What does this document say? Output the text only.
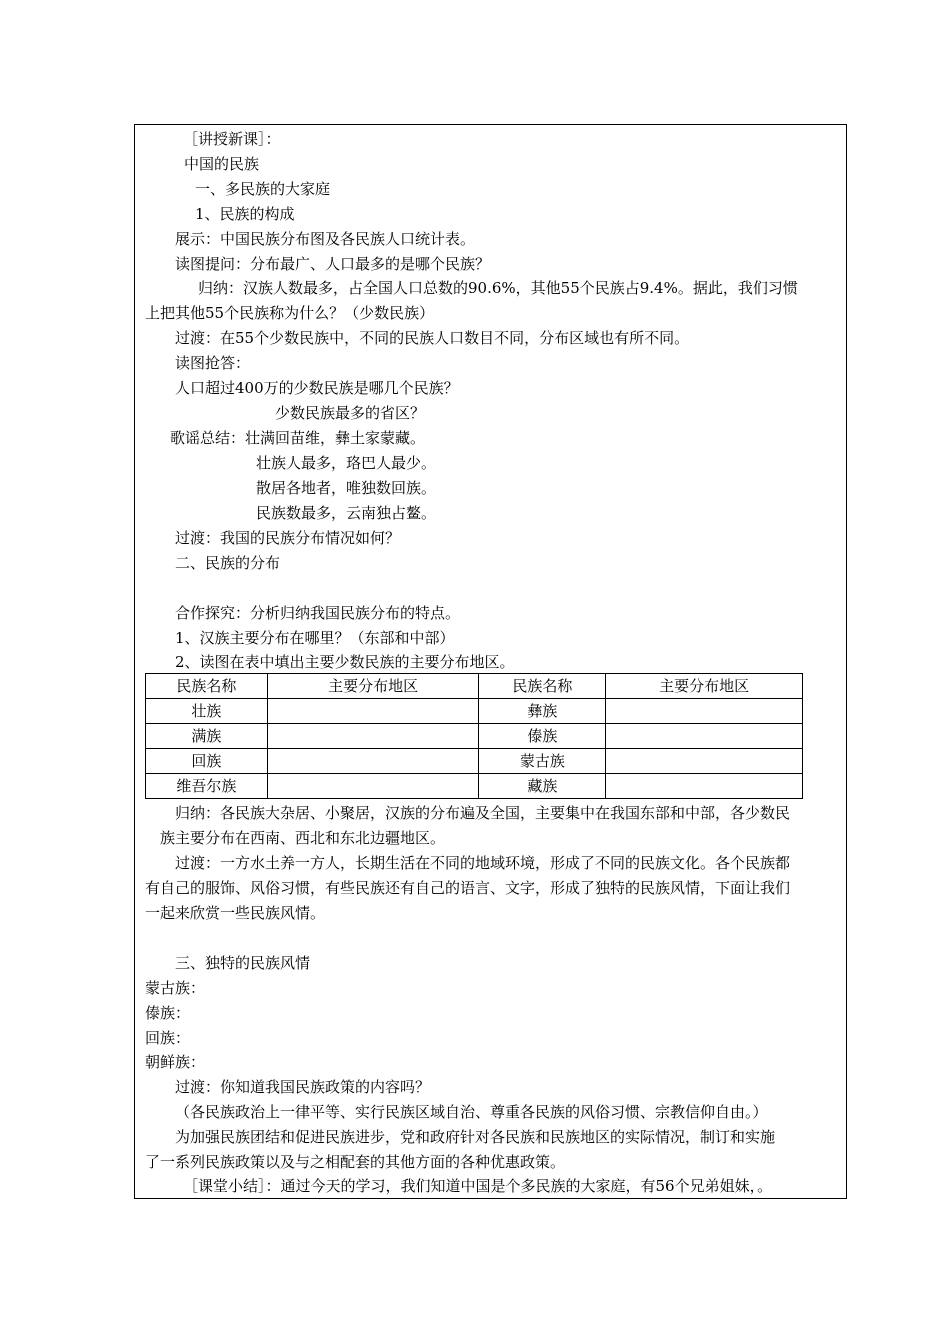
［讲授新课］：
中国的民族
一、多民族的大家庭
1、民族的构成
展示：中国民族分布图及各民族人口统计表。
读图提问：分布最广、人口最多的是哪个民族？
归纳：汉族人数最多，占全国人口总数的90.6%，其他55个民族占9.4%。据此，我们习惯
上把其他55个民族称为什么？（少数民族）
过渡：在55个少数民族中，不同的民族人口数目不同，分布区域也有所不同。
读图抢答：
人口超过400万的少数民族是哪几个民族？
少数民族最多的省区？
歌谣总结：壮满回苗维，彝土家蒙藏。
壮族人最多，珞巴人最少。
散居各地者，唯独数回族。
民族数最多，云南独占鳌。
过渡：我国的民族分布情况如何？
二、民族的分布
合作探究：分析归纳我国民族分布的特点。
1、汉族主要分布在哪里？（东部和中部）
2、读图在表中填出主要少数民族的主要分布地区。
民族名称	主要分布地区	民族名称	主要分布地区
壮族		彝族	
满族		傣族	
回族		蒙古族	
维吾尔族		藏族	
归纳：各民族大杂居、小聚居，汉族的分布遍及全国，主要集中在我国东部和中部，各少数民
族主要分布在西南、西北和东北边疆地区。
过渡：一方水土养一方人，长期生活在不同的地域环境，形成了不同的民族文化。各个民族都
有自己的服饰、风俗习惯，有些民族还有自己的语言、文字，形成了独特的民族风情，下面让我们
一起来欣赏一些民族风情。
三、独特的民族风情
蒙古族：
傣族：
回族：
朝鲜族：
过渡：你知道我国民族政策的内容吗？
（各民族政治上一律平等、实行民族区域自治、尊重各民族的风俗习惯、宗教信仰自由。）
为加强民族团结和促进民族进步，党和政府针对各民族和民族地区的实际情况，制订和实施
了一系列民族政策以及与之相配套的其他方面的各种优惠政策。
［课堂小结］：通过今天的学习，我们知道中国是个多民族的大家庭，有56个兄弟姐妹，。
